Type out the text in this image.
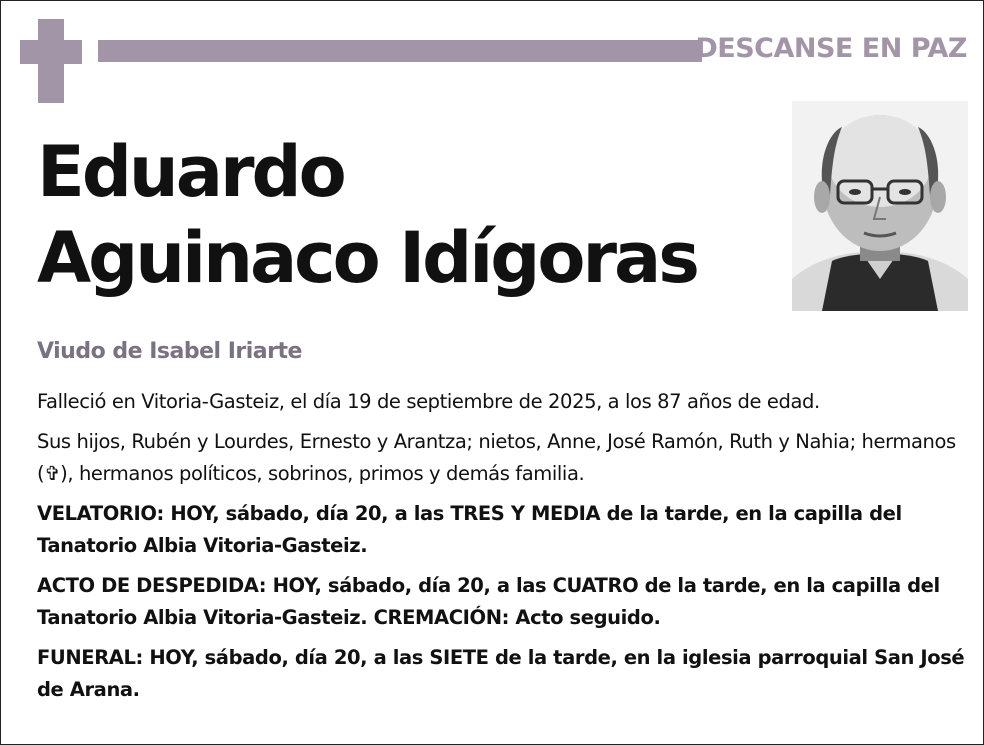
DESCANSE EN PAZ
Eduardo
Aguinaco Idígoras
Viudo de Isabel Iriarte

Falleció en Vitoria-Gasteiz, el día 19 de septiembre de 2025, a los 87 años de edad.

Sus hijos, Rubén y Lourdes, Ernesto y Arantza; nietos, Anne, José Ramón, Ruth y Nahia; hermanos (✞), hermanos políticos, sobrinos, primos y demás familia.

VELATORIO: HOY, sábado, día 20, a las TRES Y MEDIA de la tarde, en la capilla del Tanatorio Albia Vitoria-Gasteiz.

ACTO DE DESPEDIDA: HOY, sábado, día 20, a las CUATRO de la tarde, en la capilla del Tanatorio Albia Vitoria-Gasteiz. CREMACIÓN: Acto seguido.

FUNERAL: HOY, sábado, día 20, a las SIETE de la tarde, en la iglesia parroquial San José de Arana.
